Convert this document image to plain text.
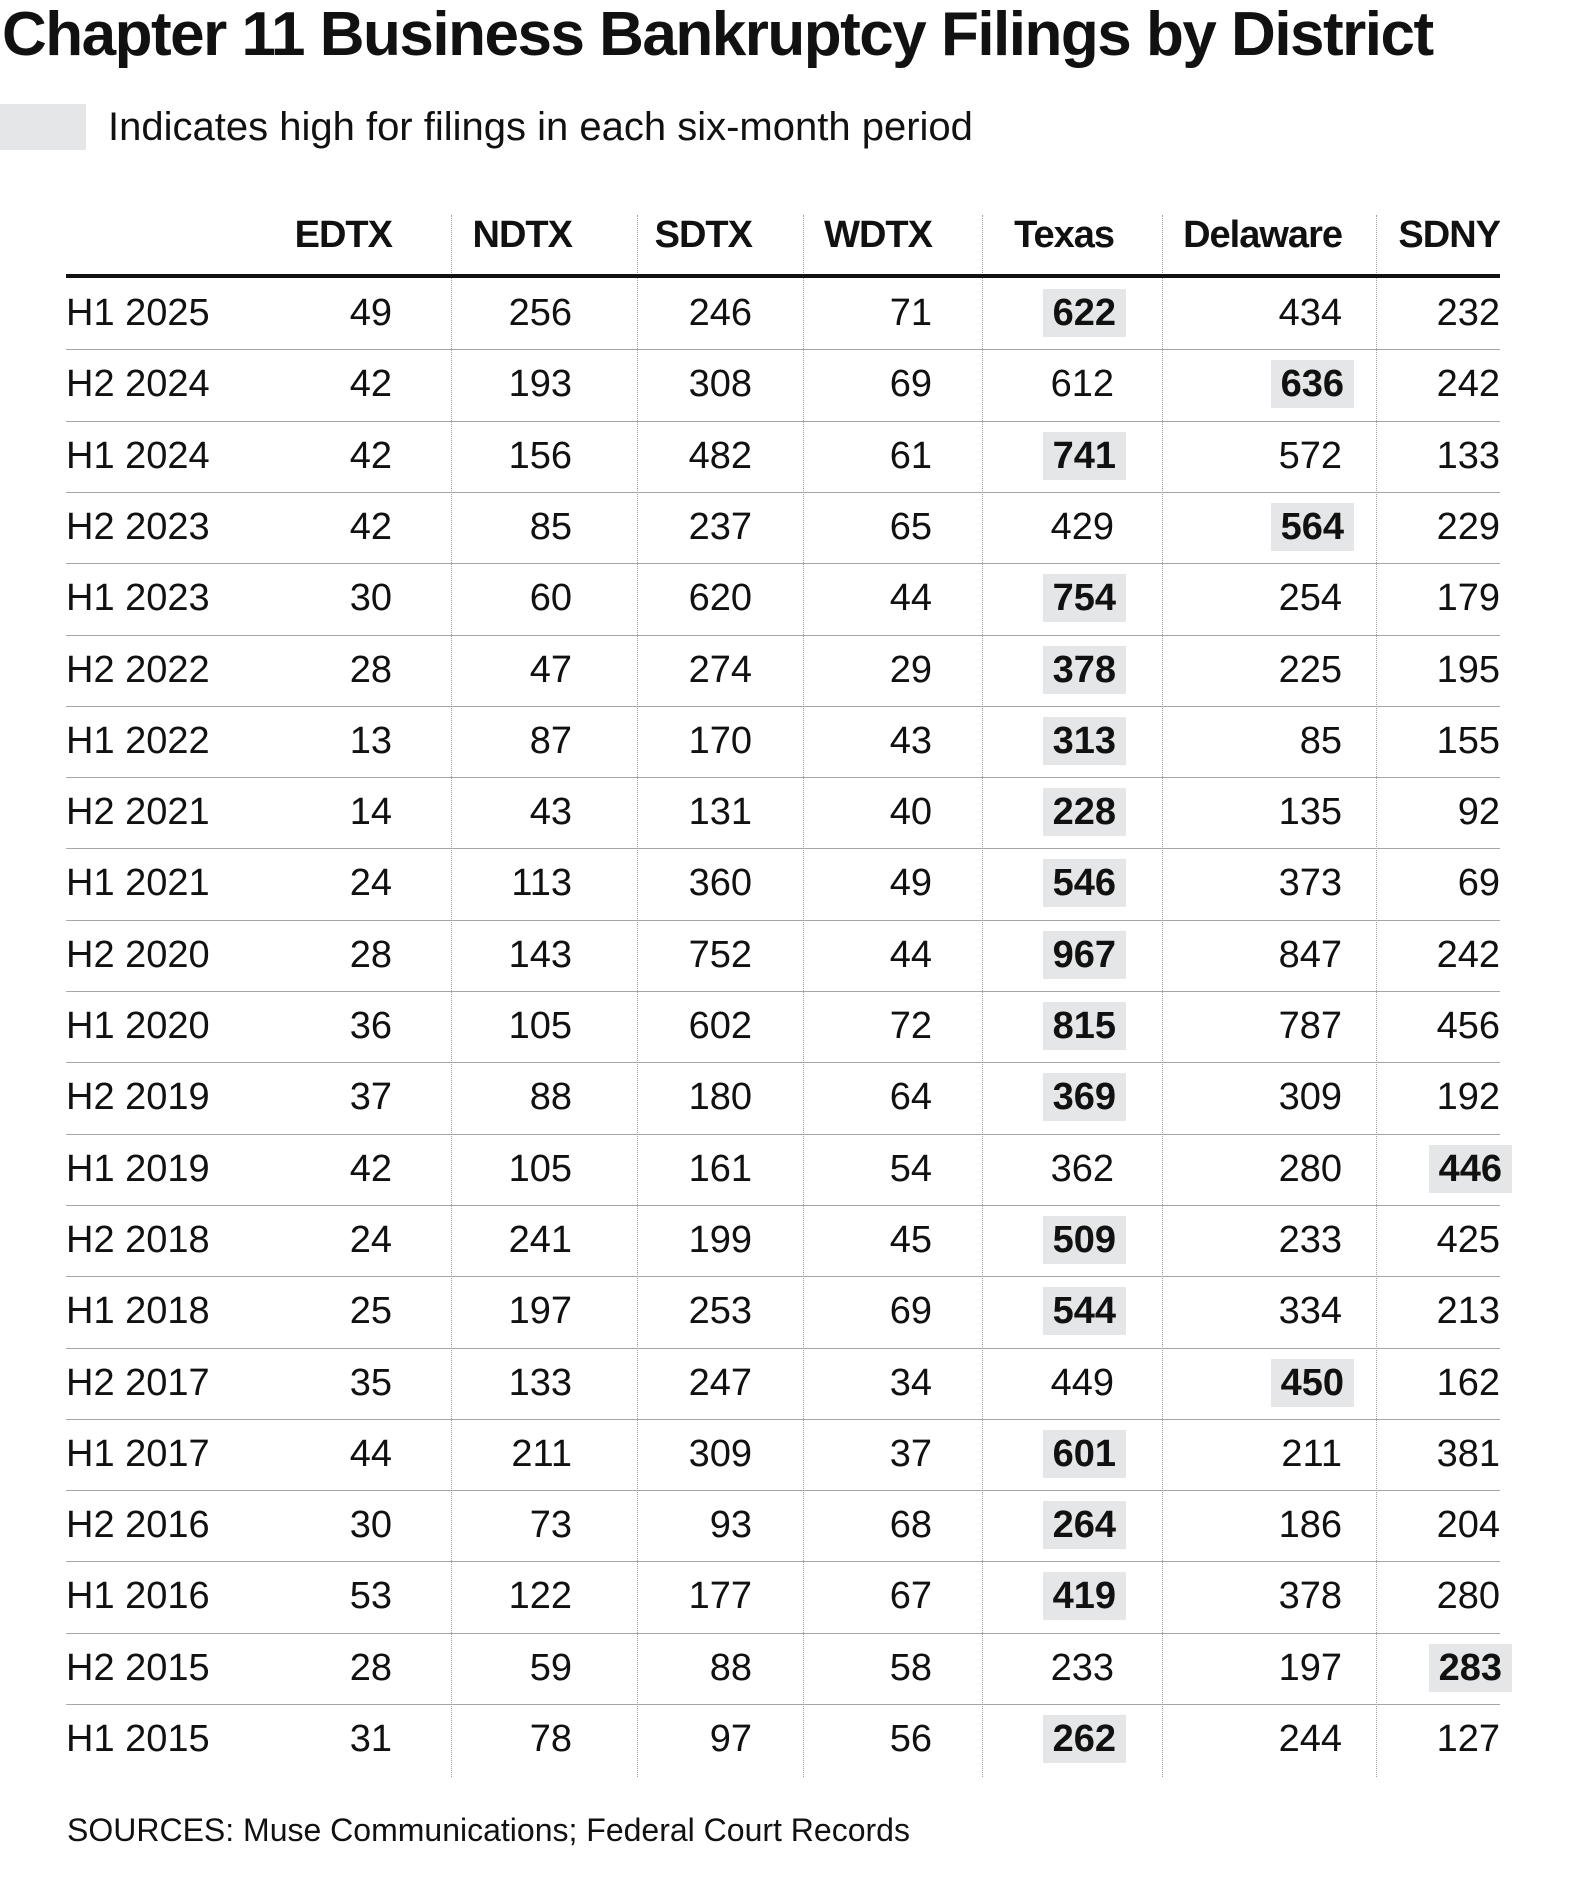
Chapter 11 Business Bankruptcy Filings by District
Indicates high for filings in each six-month period
EDTX	NDTX	SDTX	WDTX	Texas	Delaware	SDNY
H1 2025	49	256	246	71	622	434	232
H2 2024	42	193	308	69	612	636	242
H1 2024	42	156	482	61	741	572	133
H2 2023	42	85	237	65	429	564	229
H1 2023	30	60	620	44	754	254	179
H2 2022	28	47	274	29	378	225	195
H1 2022	13	87	170	43	313	85	155
H2 2021	14	43	131	40	228	135	92
H1 2021	24	113	360	49	546	373	69
H2 2020	28	143	752	44	967	847	242
H1 2020	36	105	602	72	815	787	456
H2 2019	37	88	180	64	369	309	192
H1 2019	42	105	161	54	362	280	446
H2 2018	24	241	199	45	509	233	425
H1 2018	25	197	253	69	544	334	213
H2 2017	35	133	247	34	449	450	162
H1 2017	44	211	309	37	601	211	381
H2 2016	30	73	93	68	264	186	204
H1 2016	53	122	177	67	419	378	280
H2 2015	28	59	88	58	233	197	283
H1 2015	31	78	97	56	262	244	127
SOURCES: Muse Communications; Federal Court Records
